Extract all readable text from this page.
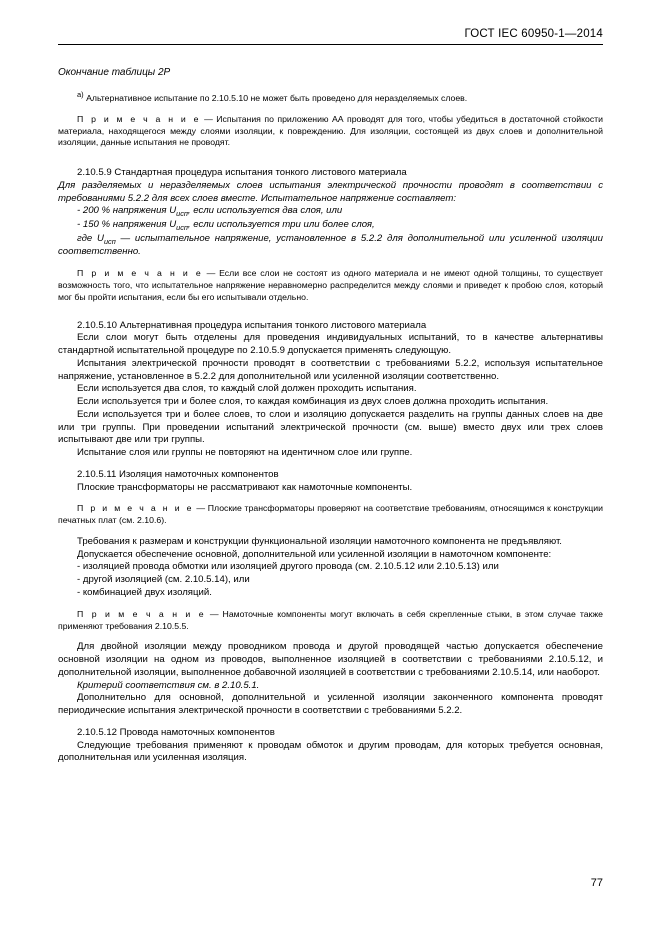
ГОСТ IEC 60950-1—2014
Окончание таблицы 2Р

a) Альтернативное испытание по 2.10.5.10 не может быть проведено для неразделяемых слоев.

П р и м е ч а н и е — Испытания по приложению АА проводят для того, чтобы убедиться в достаточной стойкости материала, находящегося между слоями изоляции, к повреждению. Для изоляции, состоящей из двух слоев и дополнительной изоляции, данные испытания не проводят.

2.10.5.9 Стандартная процедура испытания тонкого листового материала

Для разделяемых и неразделяемых слоев испытания электрической прочности проводят в соответствии с требованиями 5.2.2 для всех слоев вместе. Испытательное напряжение составляет:

- 200 % напряжения $U_{исп}$, если используется два слоя, или

- 150 % напряжения $U_{исп}$, если используется три или более слоя,

где $U_{исп}$ — испытательное напряжение, установленное в 5.2.2 для дополнительной или усиленной изоляции соответственно.

П р и м е ч а н и е — Если все слои не состоят из одного материала и не имеют одной толщины, то существует возможность того, что испытательное напряжение неравномерно распределится между слоями и приведет к пробою слоя, который мог бы пройти испытания, если бы его испытывали отдельно.

2.10.5.10 Альтернативная процедура испытания тонкого листового материала

Если слои могут быть отделены для проведения индивидуальных испытаний, то в качестве альтернативы стандартной испытательной процедуре по 2.10.5.9 допускается применять следующую.

Испытания электрической прочности проводят в соответствии с требованиями 5.2.2, используя испытательное напряжение, установленное в 5.2.2 для дополнительной или усиленной изоляции соответственно.

Если используется два слоя, то каждый слой должен проходить испытания.

Если используется три и более слоя, то каждая комбинация из двух слоев должна проходить испытания.

Если используется три и более слоев, то слои и изоляцию допускается разделить на группы данных слоев на две или три группы. При проведении испытаний электрической прочности (см. выше) вместо двух или трех слоев испытывают две или три группы.

Испытание слоя или группы не повторяют на идентичном слое или группе.

2.10.5.11 Изоляция намоточных компонентов

Плоские трансформаторы не рассматривают как намоточные компоненты.

П р и м е ч а н и е — Плоские трансформаторы проверяют на соответствие требованиям, относящимся к конструкции печатных плат (см. 2.10.6).

Требования к размерам и конструкции функциональной изоляции намоточного компонента не предъявляют.

Допускается обеспечение основной, дополнительной или усиленной изоляции в намоточном компоненте:

- изоляцией провода обмотки или изоляцией другого провода (см. 2.10.5.12 или 2.10.5.13) или

- другой изоляцией (см. 2.10.5.14), или

- комбинацией двух изоляций.

П р и м е ч а н и е — Намоточные компоненты могут включать в себя скрепленные стыки, в этом случае также применяют требования 2.10.5.5.

Для двойной изоляции между проводником провода и другой проводящей частью допускается обеспечение основной изоляции на одном из проводов, выполненное изоляцией в соответствии с требованиями 2.10.5.12, и дополнительной изоляции, выполненное добавочной изоляцией в соответствии с требованиями 2.10.5.14, или наоборот.

Критерий соответствия см. в 2.10.5.1.

Дополнительно для основной, дополнительной и усиленной изоляции законченного компонента проводят периодические испытания электрической прочности в соответствии с требованиями 5.2.2.

2.10.5.12 Провода намоточных компонентов

Следующие требования применяют к проводам обмоток и другим проводам, для которых требуется основная, дополнительная или усиленная изоляция.

77
